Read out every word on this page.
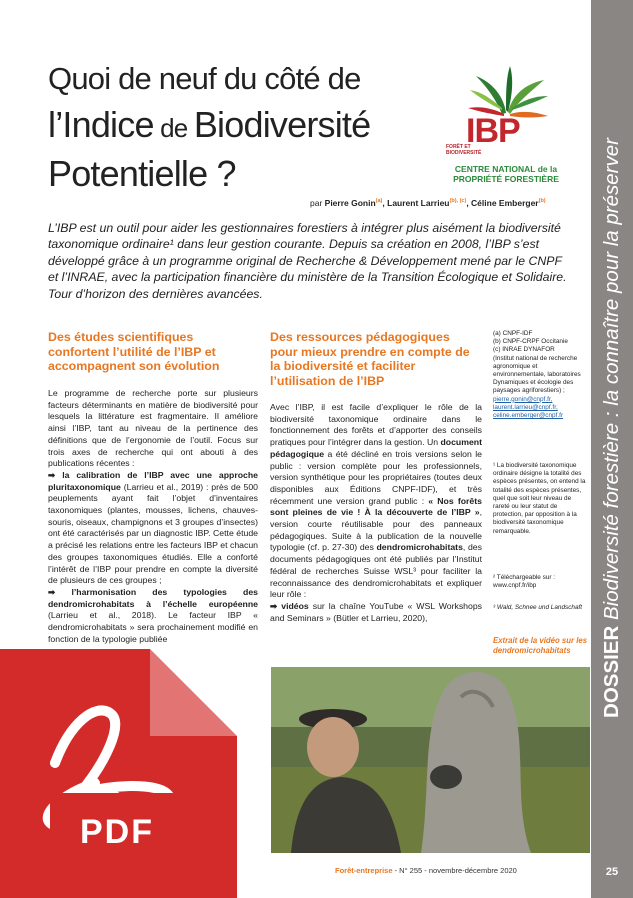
DOSSIER Biodiversité forestière : la connaître pour la préserver
25
Quoi de neuf du côté de
l’Indice de Biodiversité
Potentielle ?
FORÊT ET
BIODIVERSITÉ
IBP
CENTRE NATIONAL de la
PROPRIÉTÉ FORESTIÈRE
par Pierre Gonin$^{(a)}$, Laurent Larrieu$^{(b), (c)}$, Céline Emberger$^{(b)}$
L’IBP est un outil pour aider les gestionnaires forestiers à intégrer plus aisément la biodiversité taxonomique ordinaire¹ dans leur gestion courante. Depuis sa création en 2008, l’IBP s’est développé grâce à un programme original de Recherche & Développement mené par le CNPF et l’INRAE, avec la participation financière du ministère de la Transition Écologique et Solidaire. Tour d’horizon des dernières avancées.
Des études scientifiques confortent l’utilité de l’IBP et accompagnent son évolution

Le programme de recherche porte sur plusieurs facteurs déterminants en matière de biodiversité pour lesquels la littérature est fragmentaire. Il améliore ainsi l’IBP, tant au niveau de la pertinence des définitions que de l’ergonomie de l’outil. Focus sur trois axes de recherche qui ont abouti à des publications récentes :

➡ la calibration de l’IBP avec une approche pluritaxonomique (Larrieu et al., 2019) : près de 500 peuplements ayant fait l’objet d’inventaires taxonomiques (plantes, mousses, lichens, chauves-souris, oiseaux, champignons et 3 groupes d’insectes) ont été caractérisés par un diagnostic IBP. Cette étude a précisé les relations entre les facteurs IBP et chacun des groupes taxonomiques étudiés. Elle a conforté l’intérêt de l’IBP pour prendre en compte la diversité de plusieurs de ces groupes ;

➡ l’harmonisation des typologies des dendromicrohabitats à l’échelle européenne (Larrieu et al., 2018). Le facteur IBP « dendromicrohabitats » sera prochainement modifié en fonction de la typologie publiée

Des ressources pédagogiques pour mieux prendre en compte de la biodiversité et faciliter l’utilisation de l’IBP

Avec l’IBP, il est facile d’expliquer le rôle de la biodiversité taxonomique ordinaire dans le fonctionnement des forêts et d’apporter des conseils pratiques pour l’intégrer dans la gestion. Un document pédagogique a été décliné en trois versions selon le public : version complète pour les professionnels, version synthétique pour les propriétaires (toutes deux disponibles aux Éditions CNPF-IDF), et très récemment une version grand public : « Nos forêts sont pleines de vie ! À la découverte de l’IBP », version courte réutilisable pour des panneaux pédagogiques. Suite à la publication de la nouvelle typologie (cf. p. 27-30) des dendromicrohabitats, des documents pédagogiques ont été publiés par l’Institut fédéral de recherches Suisse WSL³ pour faciliter la reconnaissance des dendromicrohabitats et expliquer leur rôle :

➡ vidéos sur la chaîne YouTube « WSL Workshops and Seminars » (Bütler et Larrieu, 2020),

(a) CNPF-IDF
(b) CNPF-CRPF Occitanie
(c) INRAE DYNAFOR
(Institut national de recherche agronomique et environnementale, laboratoires Dynamiques et écologie des paysages agriforestiers) ;
pierre.gonin@cnpf.fr,
laurent.larrieu@cnpf.fr,
celine.emberger@cnpf.fr
¹ La biodiversité taxonomique ordinaire désigne la totalité des espèces présentes, on entend la totalité des espèces présentes, quel que soit leur niveau de rareté ou leur statut de protection, par opposition à la biodiversité taxonomique remarquable.
² Téléchargeable sur : www.cnpf.fr/ibp
³ Wald, Schnee und Landschaft
Extrait de la vidéo sur les dendromicrohabitats
Forêt-entreprise - N° 255 - novembre-décembre 2020
PDF
